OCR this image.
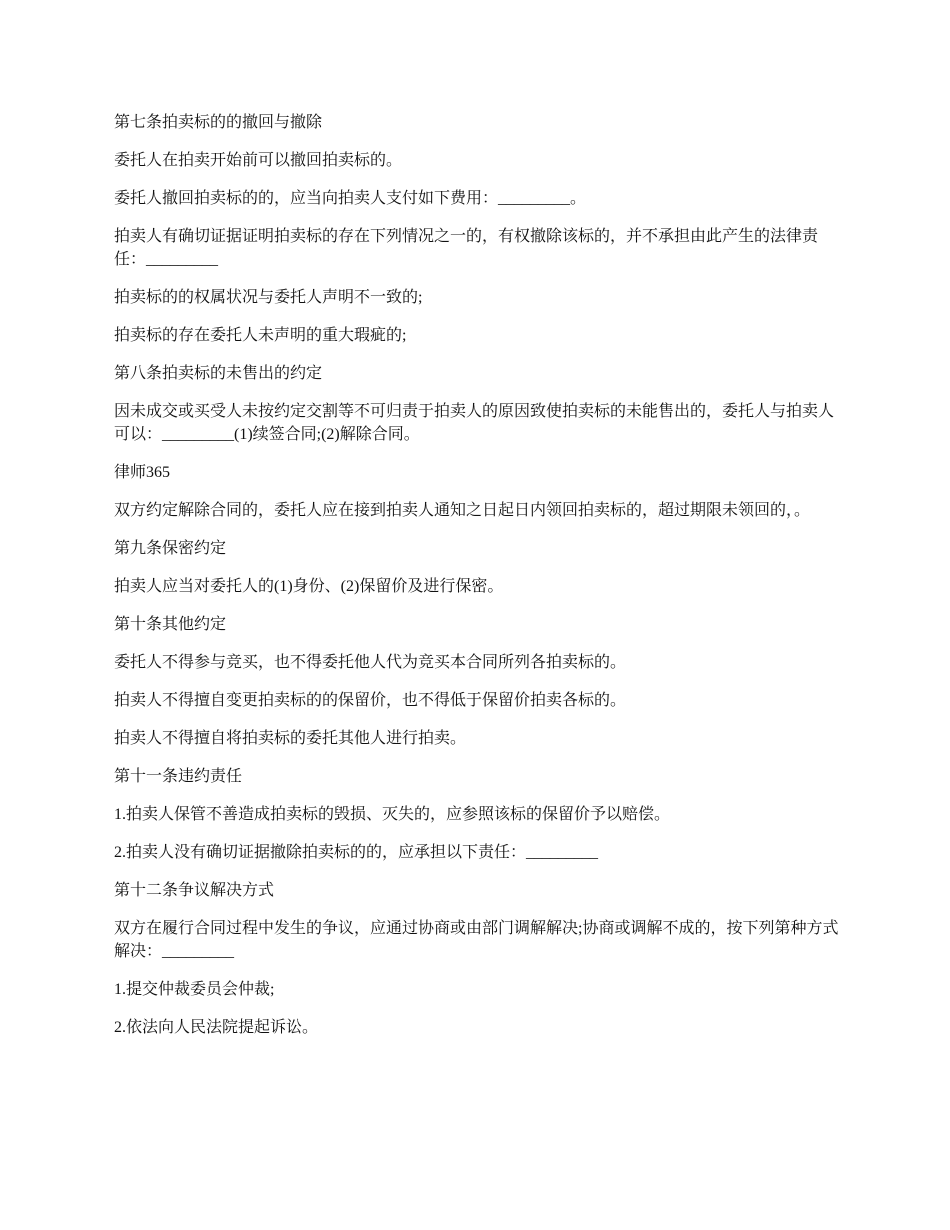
第七条拍卖标的的撤回与撤除

委托人在拍卖开始前可以撤回拍卖标的。

委托人撤回拍卖标的的，应当向拍卖人支付如下费用：_________。

拍卖人有确切证据证明拍卖标的存在下列情况之一的，有权撤除该标的，并不承担由此产生的法律责任：_________

拍卖标的的权属状况与委托人声明不一致的;

拍卖标的存在委托人未声明的重大瑕疵的;

第八条拍卖标的未售出的约定

因未成交或买受人未按约定交割等不可归责于拍卖人的原因致使拍卖标的未能售出的，委托人与拍卖人可以：_________(1)续签合同;(2)解除合同。

律师365

双方约定解除合同的，委托人应在接到拍卖人通知之日起日内领回拍卖标的，超过期限未领回的，。

第九条保密约定

拍卖人应当对委托人的(1)身份、(2)保留价及进行保密。

第十条其他约定

委托人不得参与竞买，也不得委托他人代为竞买本合同所列各拍卖标的。

拍卖人不得擅自变更拍卖标的的保留价，也不得低于保留价拍卖各标的。

拍卖人不得擅自将拍卖标的委托其他人进行拍卖。

第十一条违约责任

1.拍卖人保管不善造成拍卖标的毁损、灭失的，应参照该标的保留价予以赔偿。

2.拍卖人没有确切证据撤除拍卖标的的，应承担以下责任：_________

第十二条争议解决方式

双方在履行合同过程中发生的争议，应通过协商或由部门调解解决;协商或调解不成的，按下列第种方式解决：_________

1.提交仲裁委员会仲裁;

2.依法向人民法院提起诉讼。
